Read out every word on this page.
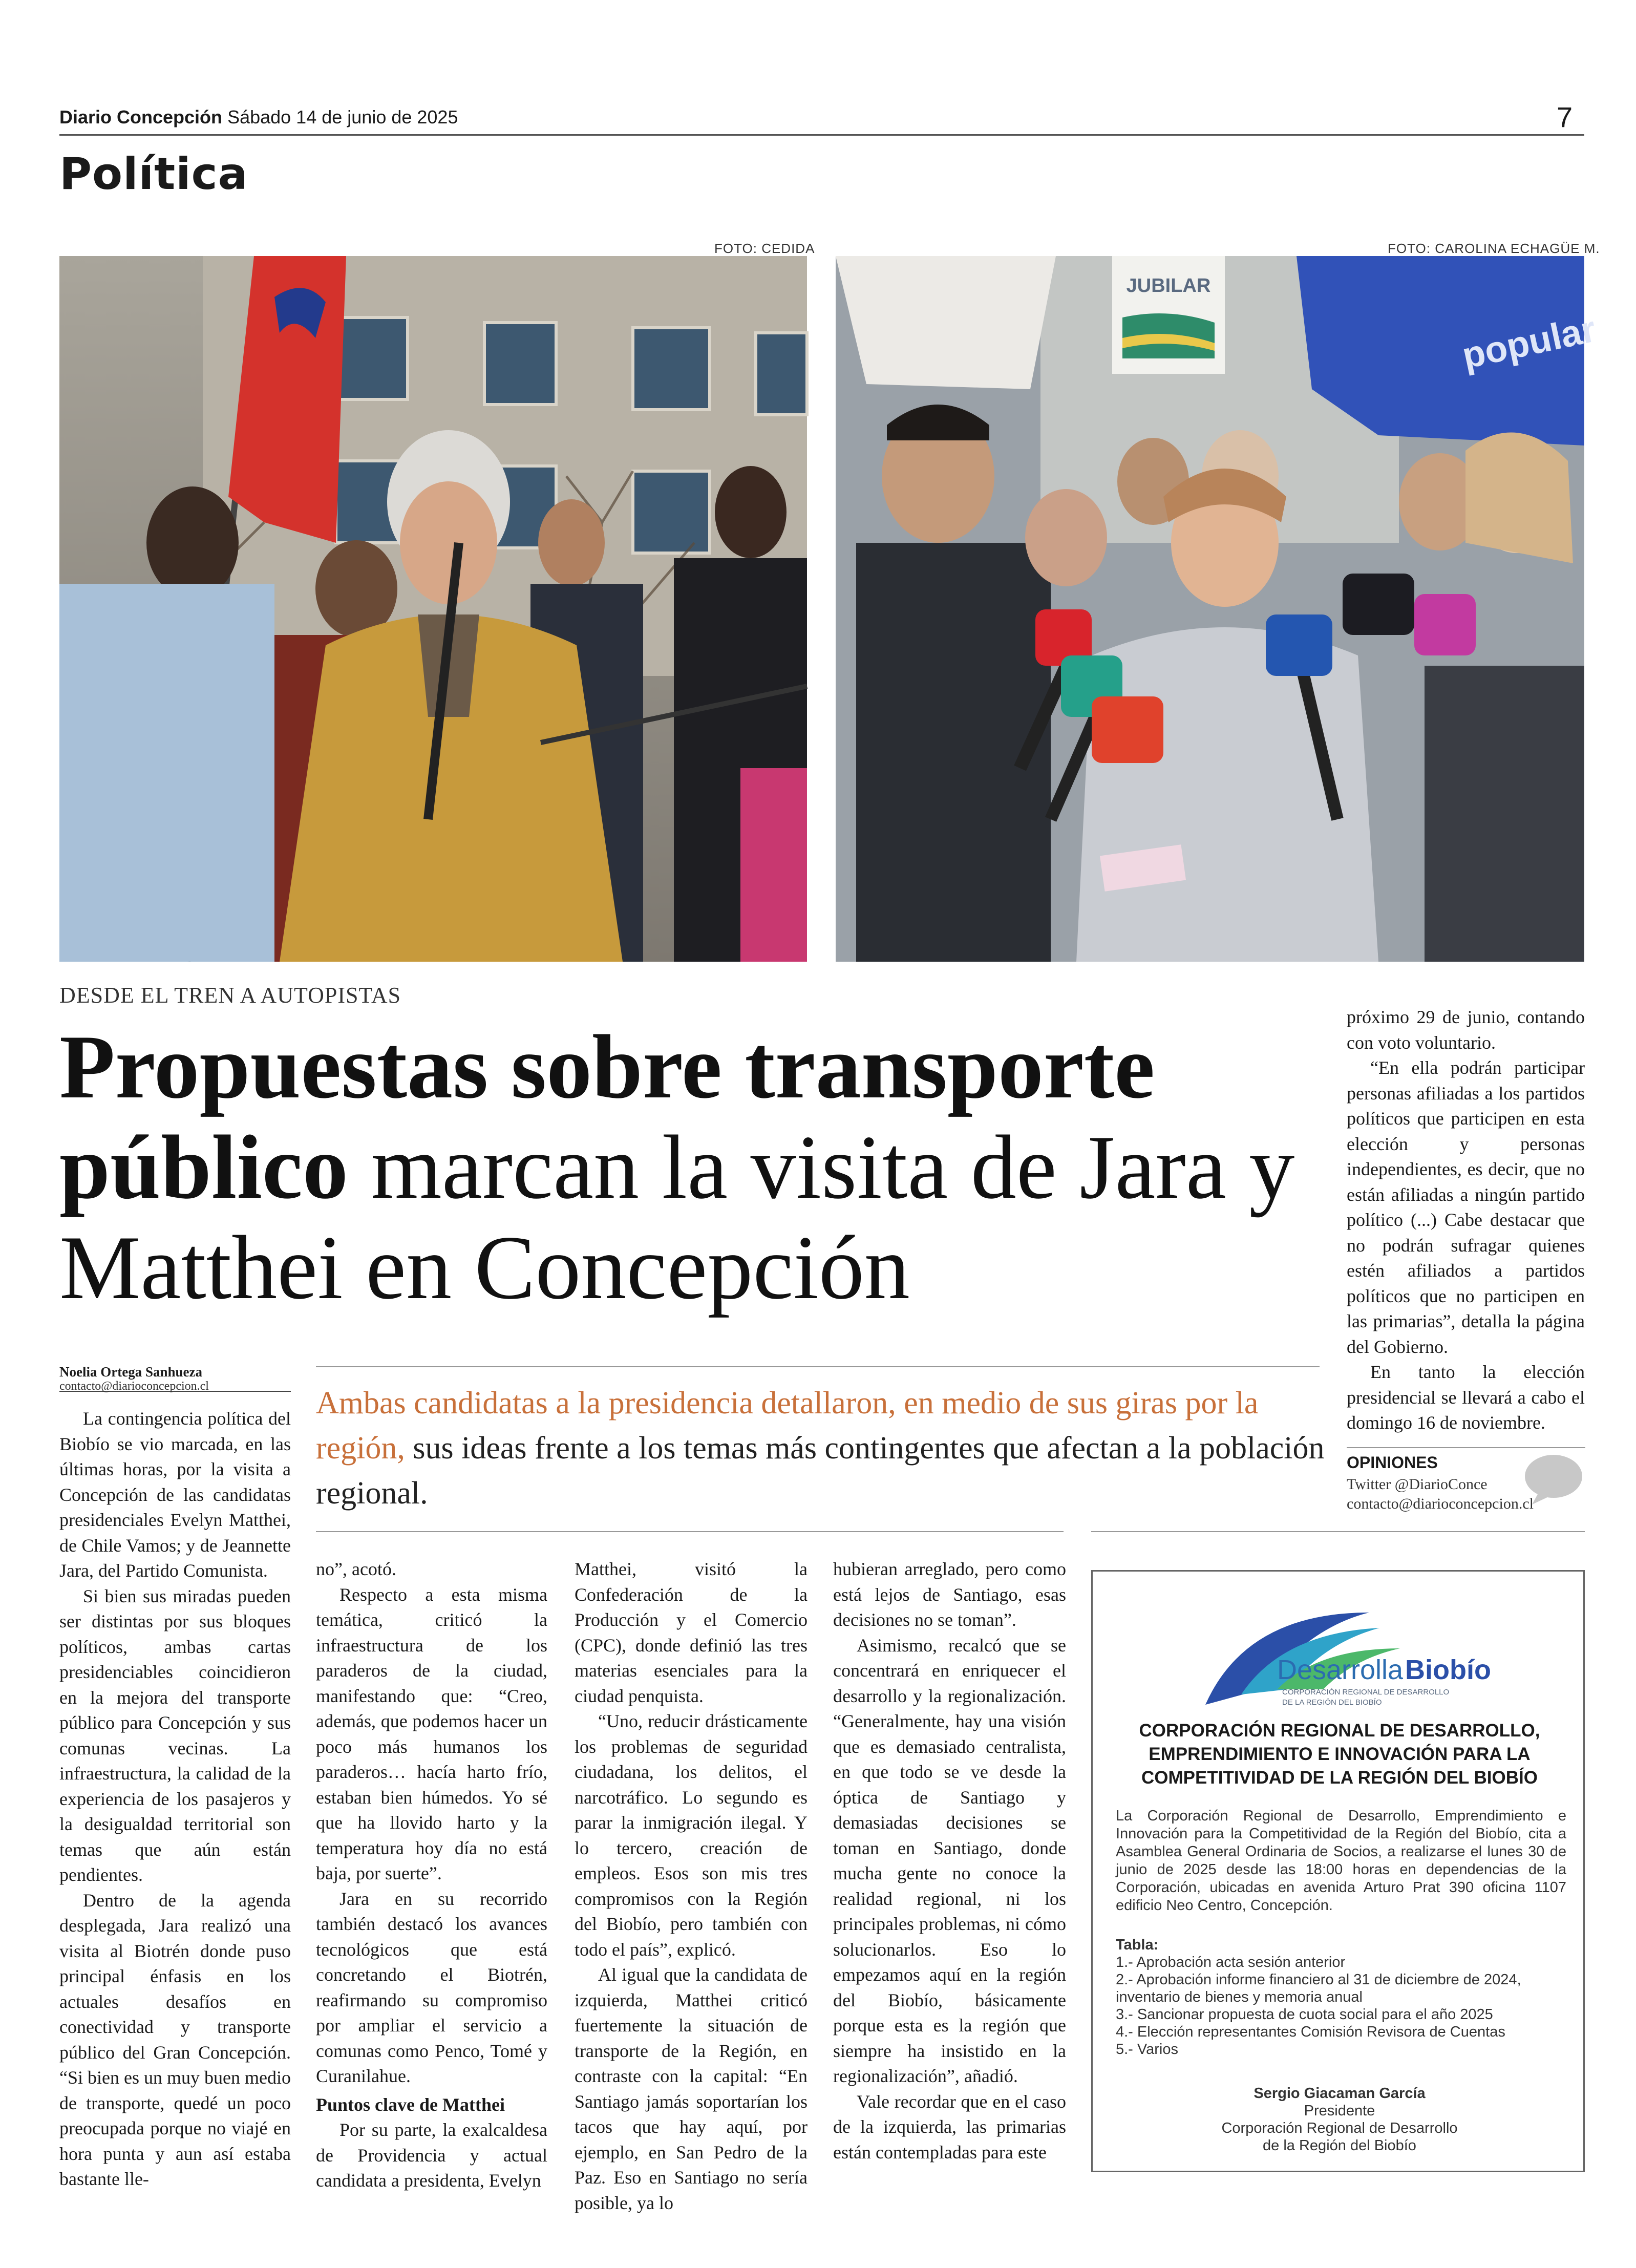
Diario Concepción Sábado 14 de junio de 2025	7
Política
FOTO: CEDIDA	FOTO: CAROLINA ECHAGÜE M.
JUBILAR
popular
DESDE EL TREN A AUTOPISTAS
Propuestas sobre transporte público marcan la visita de Jara y Matthei en Concepción
Noelia Ortega Sanhueza
contacto@diarioconcepcion.cl	Ambas candidatas a la presidencia detallaron, en medio de sus giras por la región, sus ideas frente a los temas más contingentes que afectan a la población regional.

La contingencia política del Biobío se vio marcada, en las últimas horas, por la visita a Concepción de las candidatas presidenciales Evelyn Matthei, de Chile Vamos; y de Jeannette Jara, del Partido Comunista.

Si bien sus miradas pueden ser distintas por sus bloques políticos, ambas cartas presidenciables coincidieron en la mejora del transporte público para Concepción y sus comunas vecinas. La infraestructura, la calidad de la experiencia de los pasajeros y la desigualdad territorial son temas que aún están pendientes.

Dentro de la agenda desplegada, Jara realizó una visita al Biotrén donde puso principal énfasis en los actuales desafíos en conectividad y transporte público del Gran Concepción. “Si bien es un muy buen medio de transporte, quedé un poco preocupada porque no viajé en hora punta y aun así estaba bastante lle-

no”, acotó.

Respecto a esta misma temática, criticó la infraestructura de los paraderos de la ciudad, manifestando que: “Creo, además, que podemos hacer un poco más humanos los paraderos… hacía harto frío, estaban bien húmedos. Yo sé que ha llovido harto y la temperatura hoy día no está baja, por suerte”.

Jara en su recorrido también destacó los avances tecnológicos que está concretando el Biotrén, reafirmando su compromiso por ampliar el servicio a comunas como Penco, Tomé y Curanilahue.

Puntos clave de Matthei

Por su parte, la exalcaldesa de Providencia y actual candidata a presidenta, Evelyn

Matthei, visitó la Confederación de la Producción y el Comercio (CPC), donde definió las tres materias esenciales para la ciudad penquista.

“Uno, reducir drásticamente los problemas de seguridad ciudadana, los delitos, el narcotráfico. Lo segundo es parar la inmigración ilegal. Y lo tercero, creación de empleos. Esos son mis tres compromisos con la Región del Biobío, pero también con todo el país”, explicó.

Al igual que la candidata de izquierda, Matthei criticó fuertemente la situación de transporte de la Región, en contraste con la capital: “En Santiago jamás soportarían los tacos que hay aquí, por ejemplo, en San Pedro de la Paz. Eso en Santiago no sería posible, ya lo

hubieran arreglado, pero como está lejos de Santiago, esas decisiones no se toman”.

Asimismo, recalcó que se concentrará en enriquecer el desarrollo y la regionalización. “Generalmente, hay una visión que es demasiado centralista, en que todo se ve desde la óptica de Santiago y demasiadas decisiones se toman en Santiago, donde mucha gente no conoce la realidad regional, ni los principales problemas, ni cómo solucionarlos. Eso lo empezamos aquí en la región del Biobío, básicamente porque esta es la región que siempre ha insistido en la regionalización”, añadió.

Vale recordar que en el caso de la izquierda, las primarias están contempladas para este

próximo 29 de junio, contando con voto voluntario.

“En ella podrán participar personas afiliadas a los partidos políticos que participen en esta elección y personas independientes, es decir, que no están afiliadas a ningún partido político (...) Cabe destacar que no podrán sufragar quienes estén afiliados a partidos políticos que no participen en las primarias”, detalla la página del Gobierno.

En tanto la elección presidencial se llevará a cabo el domingo 16 de noviembre.

OPINIONES
Twitter @DiarioConce
contacto@diarioconcepcion.cl
Desarrolla Biobío
CORPORACIÓN REGIONAL DE DESARROLLO
DE LA REGIÓN DEL BIOBÍO
CORPORACIÓN REGIONAL DE DESARROLLO, EMPRENDIMIENTO E INNOVACIÓN PARA LA COMPETITIVIDAD DE LA REGIÓN DEL BIOBÍO
La Corporación Regional de Desarrollo, Emprendimiento e Innovación para la Competitividad de la Región del Biobío, cita a Asamblea General Ordinaria de Socios, a realizarse el lunes 30 de junio de 2025 desde las 18:00 horas en dependencias de la Corporación, ubicadas en avenida Arturo Prat 390 oficina 1107 edificio Neo Centro, Concepción.
Tabla:
1.- Aprobación acta sesión anterior
2.- Aprobación informe financiero al 31 de diciembre de 2024, inventario de bienes y memoria anual
3.- Sancionar propuesta de cuota social para el año 2025
4.- Elección representantes Comisión Revisora de Cuentas
5.- Varios
Sergio Giacaman García
Presidente
Corporación Regional de Desarrollo
de la Región del Biobío
